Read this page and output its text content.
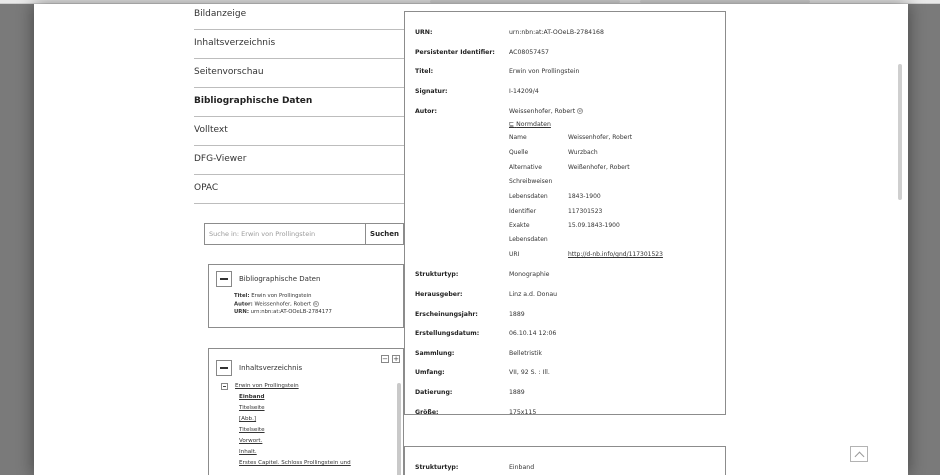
Bildanzeige
Inhaltsverzeichnis
Seitenvorschau
Bibliographische Daten
Volltext
DFG-Viewer
OPAC
Suche in: Erwin von Prollingstein
Suchen
Bibliographische Daten
Titel: Erwin von Prollingstein
Autor: Weissenhofer, Robert w
URN: urn:nbn:at:AT-OOeLB-2784177
Inhaltsverzeichnis
− +
Erwin von Prollingstein
Einband
Titelseite
[Abb.]
Titelseite
Vorwort.
Inhalt.
Erstes Capitel. Schloss Prollingstein und
URN:	urn:nbn:at:AT-OOeLB-2784168
Persistenter Identifier: AC08057457
Titel:	Erwin von Prollingstein
Signatur:	I-14209/4
Autor:	Weissenhofer, Robert w
⊑ Normdaten
Name	Weissenhofer, Robert
Quelle	Wurzbach
Alternative	Weißenhofer, Robert
Schreibweisen
Lebensdaten	1843-1900
Identifier	117301523
Exakte	15.09.1843-1900
Lebensdaten
URI	http://d-nb.info/gnd/117301523
Strukturtyp:	Monographie
Herausgeber:	Linz a.d. Donau
Erscheinungsjahr:	1889
Erstellungsdatum:	06.10.14 12:06
Sammlung:	Belletristik
Umfang:	VII, 92 S. : Ill.
Datierung:	1889
Größe:	175x115
Strukturtyp:	Einband
